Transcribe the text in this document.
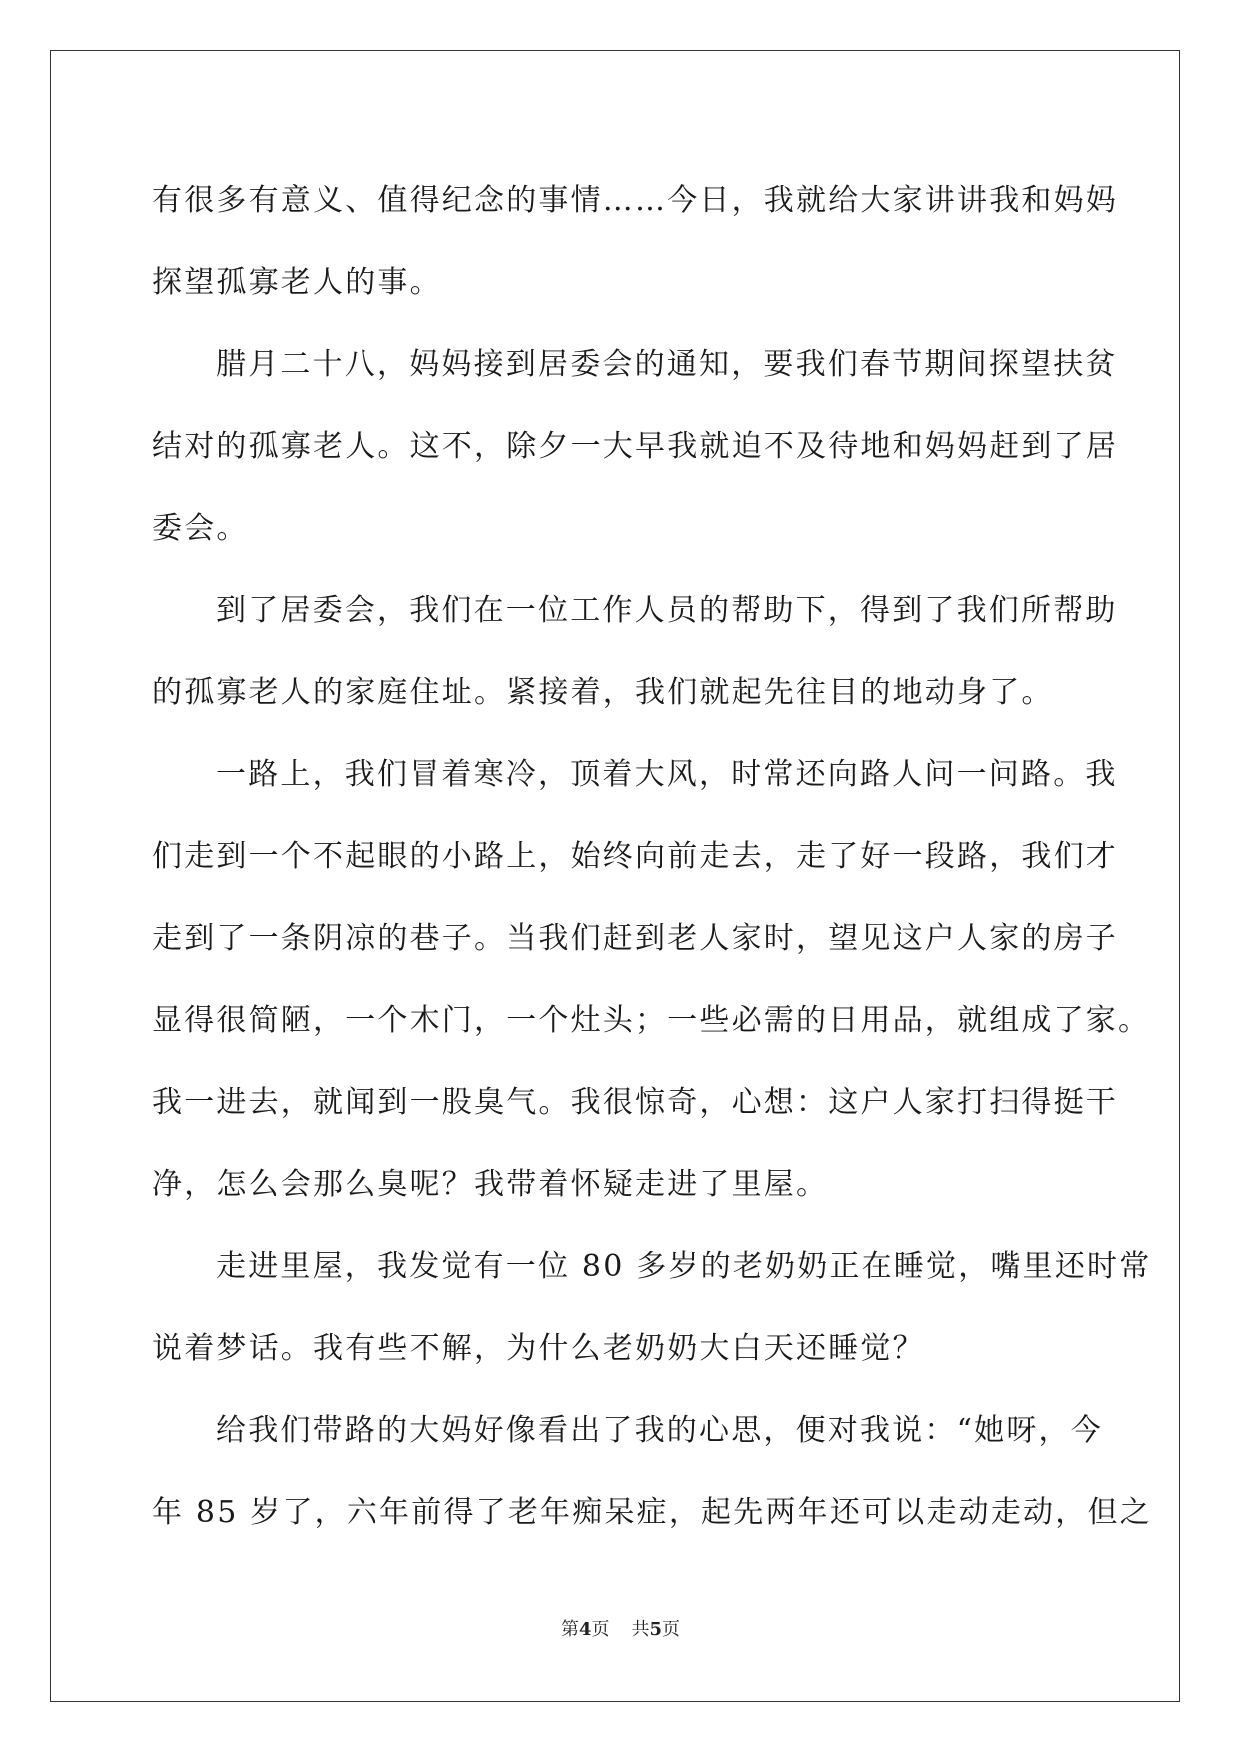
有很多有意义、值得纪念的事情……今日，我就给大家讲讲我和妈妈
探望孤寡老人的事。
腊月二十八，妈妈接到居委会的通知，要我们春节期间探望扶贫
结对的孤寡老人。这不，除夕一大早我就迫不及待地和妈妈赶到了居
委会。
到了居委会，我们在一位工作人员的帮助下，得到了我们所帮助
的孤寡老人的家庭住址。紧接着，我们就起先往目的地动身了。
一路上，我们冒着寒冷，顶着大风，时常还向路人问一问路。我
们走到一个不起眼的小路上，始终向前走去，走了好一段路，我们才
走到了一条阴凉的巷子。当我们赶到老人家时，望见这户人家的房子
显得很简陋，一个木门，一个灶头；一些必需的日用品，就组成了家。
我一进去，就闻到一股臭气。我很惊奇，心想：这户人家打扫得挺干
净，怎么会那么臭呢？我带着怀疑走进了里屋。
走进里屋，我发觉有一位 80 多岁的老奶奶正在睡觉，嘴里还时常
说着梦话。我有些不解，为什么老奶奶大白天还睡觉？
给我们带路的大妈好像看出了我的心思，便对我说：“她呀，今
年 85 岁了，六年前得了老年痴呆症，起先两年还可以走动走动，但之
第4页 共5页
